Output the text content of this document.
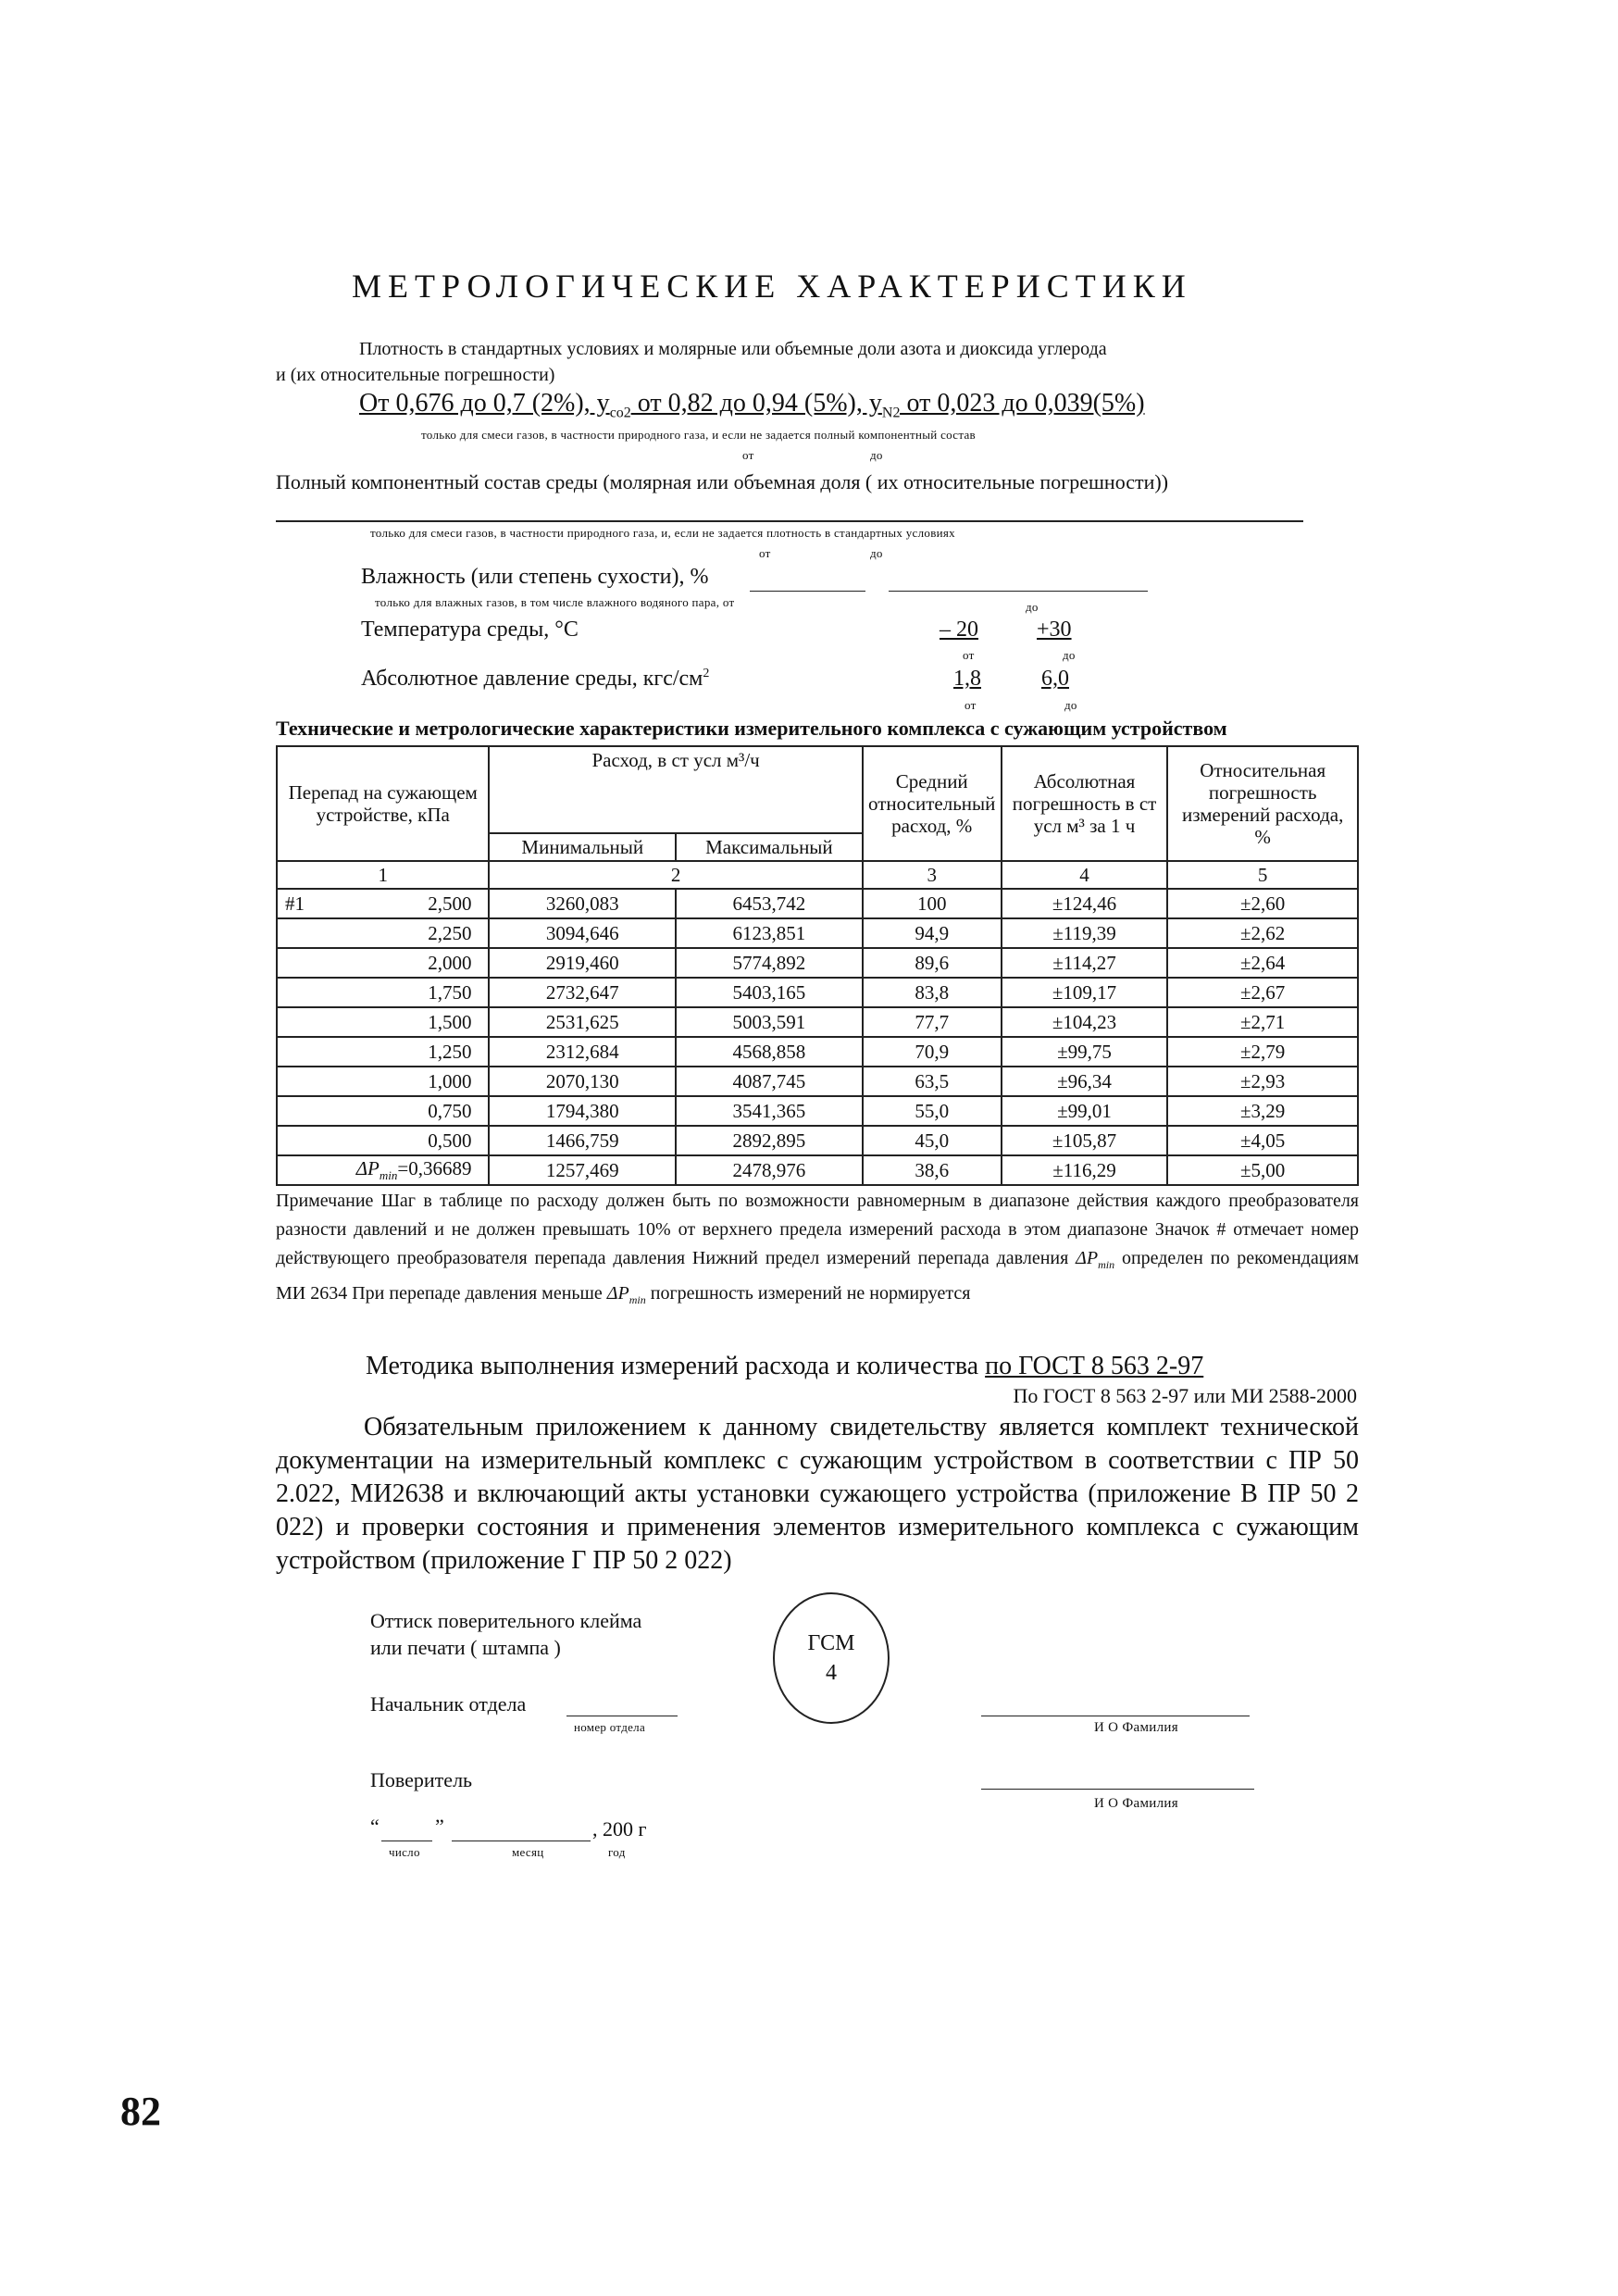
МЕТРОЛОГИЧЕСКИЕ ХАРАКТЕРИСТИКИ
Плотность в стандартных условиях и молярные или объемные доли азота и диоксида углерода
и (их относительные погрешности)
От 0,676 до 0,7 (2%), $y_{co2}$ от 0,82 до 0,94 (5%), $y_{N2}$ от 0,023 до 0,039(5%)
только для смеси газов, в частности природного газа, и если не задается полный компонентный состав
от	до
Полный компонентный состав среды (молярная или объемная доля ( их относительные погрешности))
только для смеси газов, в частности природного газа, и, если не задается плотность в стандартных условиях
от	до
Влажность (или степень сухости), %
только для влажных газов, в том числе влажного водяного пара, от	до
Температура среды, °С	– 20	+30
от	до
Абсолютное давление среды, кгс/$см^2$	1,8	6,0
от	до
Технические и метрологические характеристики измерительного комплекса с сужающим устройством
Перепад на сужающем устройстве, кПа	Расход, в ст усл м³/ч		Средний относительный расход, %	Абсолютная погрешность в ст усл м³ за 1 ч	Относительная погрешность измерений расхода, %
	Минимальный	Максимальный			
1	2		3	4	5

#1 2,500	3260,083	6453,742	100	±124,46	±2,60
2,250	3094,646	6123,851	94,9	±119,39	±2,62
2,000	2919,460	5774,892	89,6	±114,27	±2,64
1,750	2732,647	5403,165	83,8	±109,17	±2,67
1,500	2531,625	5003,591	77,7	±104,23	±2,71
1,250	2312,684	4568,858	70,9	±99,75	±2,79
1,000	2070,130	4087,745	63,5	±96,34	±2,93
0,750	1794,380	3541,365	55,0	±99,01	±3,29
0,500	1466,759	2892,895	45,0	±105,87	±4,05
$\Delta P_{min}=0,36689$	1257,469	2478,976	38,6	±116,29	±5,00
Примечание Шаг в таблице по расходу должен быть по возможности равномерным в диапазоне действия каждого преобразователя разности давлений и не должен превышать 10% от верхнего предела измерений расхода в этом диапазоне Значок # отмечает номер действующего преобразователя перепада давления Нижний предел измерений перепада давления $\Delta P_{min}$ определен по рекомендациям МИ 2634 При перепаде давления меньше $\Delta P_{min}$ погрешность измерений не нормируется
Методика выполнения измерений расхода и количества по ГОСТ 8 563 2-97
По ГОСТ 8 563 2-97 или МИ 2588-2000
Обязательным приложением к данному свидетельству является комплект технической документации на измерительный комплекс с сужающим устройством в соответствии с ПР 50 2.022, МИ2638 и включающий акты установки сужающего устройства (приложение В ПР 50 2 022) и проверки состояния и применения элементов измерительного комплекса с сужающим устройством (приложение Г ПР 50 2 022)
Оттиск поверительного клейма
или печати ( штампа )	ГСМ
4
Начальник отдела
номер отдела	И О Фамилия
Поверитель
И О Фамилия
“	”	, 200 г
число	месяц	год
82
